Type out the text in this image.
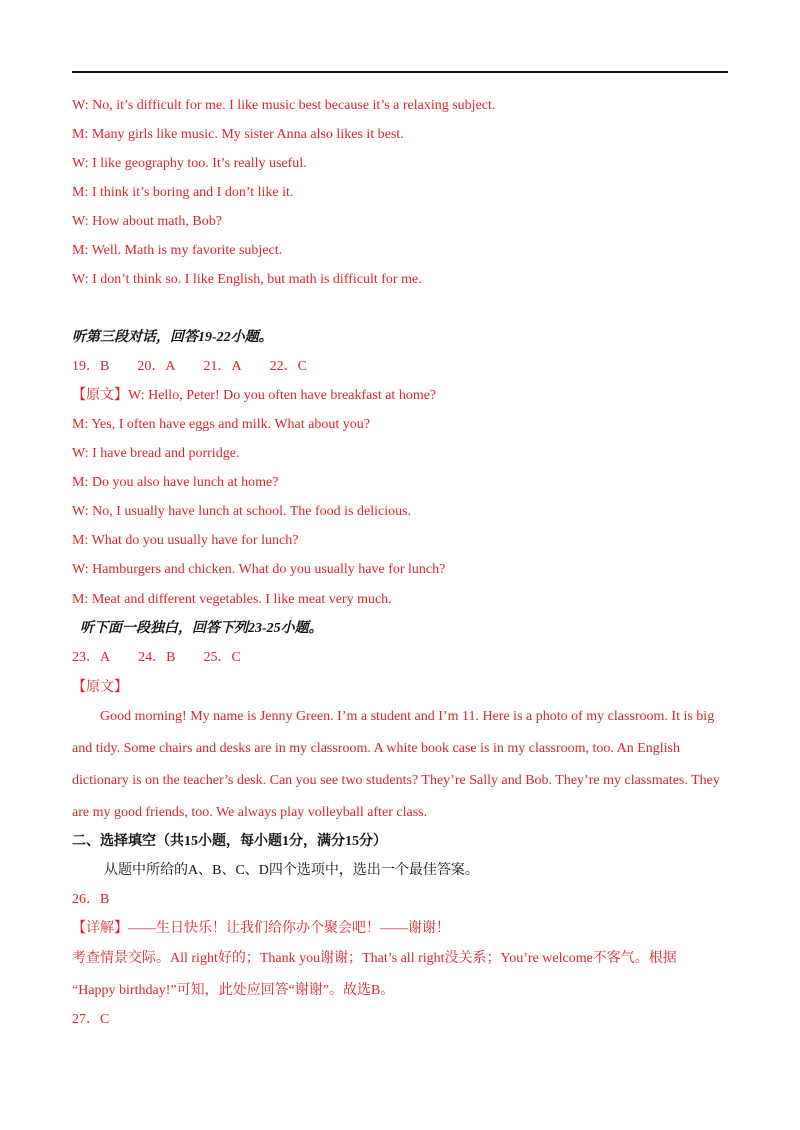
W: No, it’s difficult for me. I like music best because it’s a relaxing subject.
M: Many girls like music. My sister Anna also likes it best.
W: I like geography too. It’s really useful.
M: I think it’s boring and I don’t like it.
W: How about math, Bob?
M: Well. Math is my favorite subject.
W: I don’t think so. I like English, but math is difficult for me.
听第三段对话，回答19-22小题。
19．B 20．A 21．A 22．C
【原文】W: Hello, Peter! Do you often have breakfast at home?
M: Yes, I often have eggs and milk. What about you?
W: I have bread and porridge.
M: Do you also have lunch at home?
W: No, I usually have lunch at school. The food is delicious.
M: What do you usually have for lunch?
W: Hamburgers and chicken. What do you usually have for lunch?
M: Meat and different vegetables. I like meat very much.
听下面一段独白，回答下列23-25小题。
23．A 24．B 25．C
【原文】
Good morning! My name is Jenny Green. I’m a student and I’m 11. Here is a photo of my classroom. It is big
and tidy. Some chairs and desks are in my classroom. A white book case is in my classroom, too. An English
dictionary is on the teacher’s desk. Can you see two students? They’re Sally and Bob. They’re my classmates. They
are my good friends, too. We always play volleyball after class.
二、选择填空（共15小题，每小题1分，满分15分）
从题中所给的A、B、C、D四个选项中，选出一个最佳答案。
26．B
【详解】——生日快乐！让我们给你办个聚会吧！——谢谢！
考查情景交际。All right好的；Thank you谢谢；That’s all right没关系；You’re welcome不客气。根据
“Happy birthday!”可知，此处应回答“谢谢”。故选B。
27．C
